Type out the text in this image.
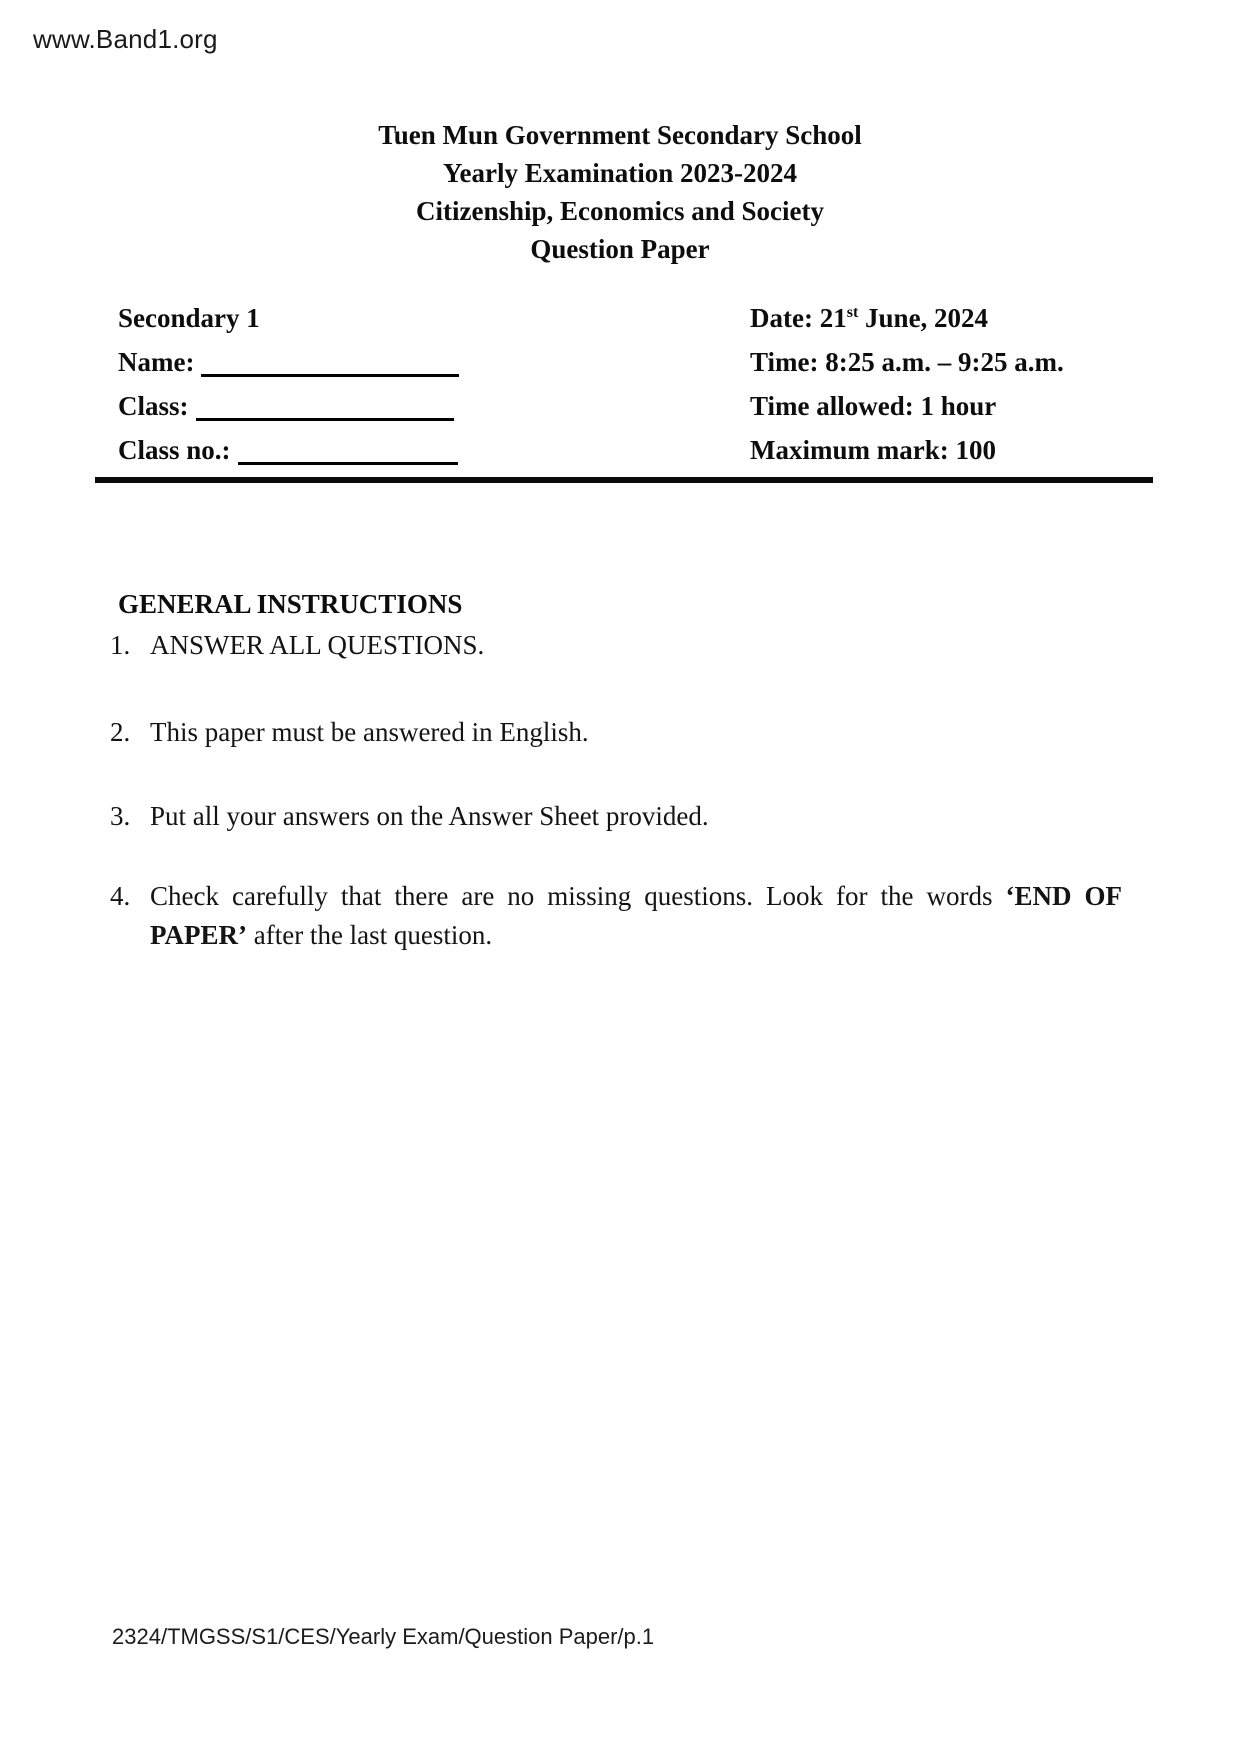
www.Band1.org
Tuen Mun Government Secondary School
Yearly Examination 2023-2024
Citizenship, Economics and Society
Question Paper
Secondary 1
Name:
Class:
Class no.:
Date: 21st June, 2024
Time: 8:25 a.m. – 9:25 a.m.
Time allowed: 1 hour
Maximum mark: 100
GENERAL INSTRUCTIONS
1. ANSWER ALL QUESTIONS.
2. This paper must be answered in English.
3. Put all your answers on the Answer Sheet provided.
4. Check carefully that there are no missing questions. Look for the words ‘END OF PAPER’ after the last question.
2324/TMGSS/S1/CES/Yearly Exam/Question Paper/p.1
